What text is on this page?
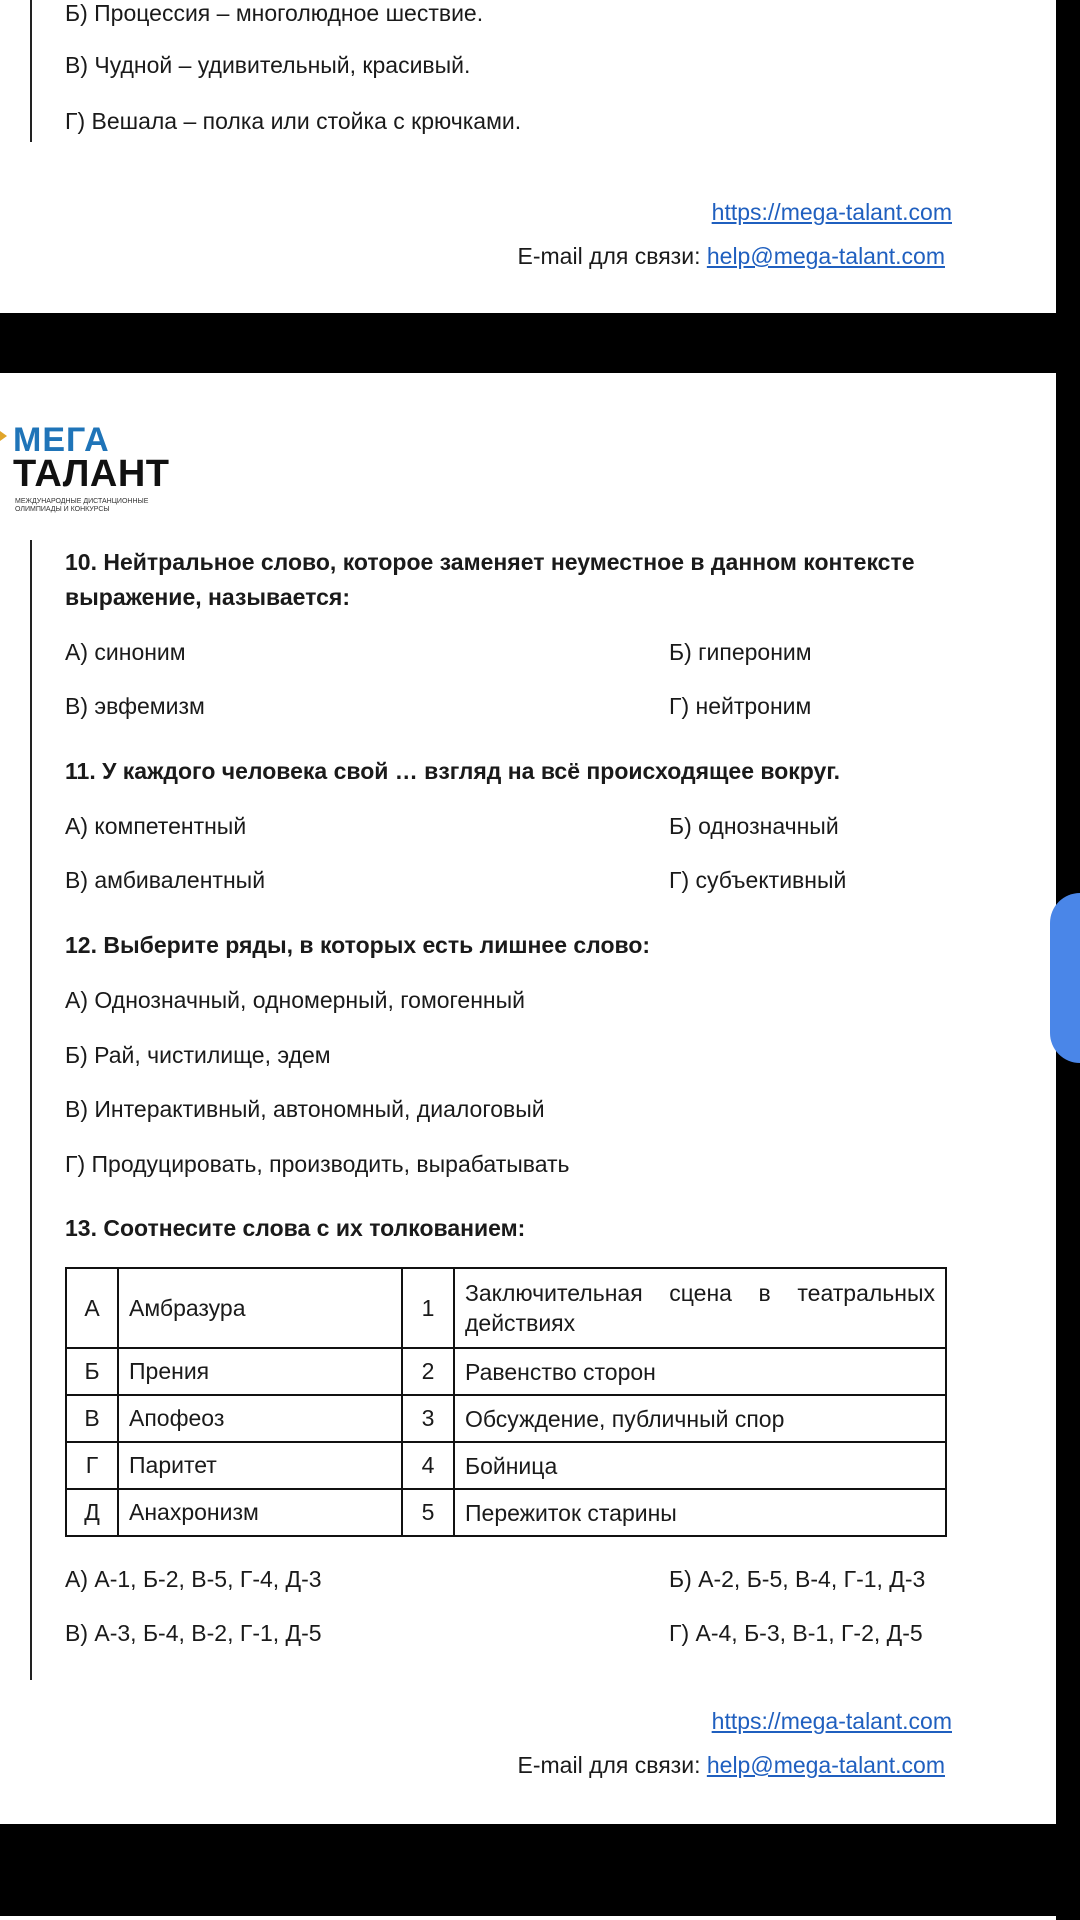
Б) Процессия – многолюдное шествие.
В) Чудной – удивительный, красивый.
Г) Вешала – полка или стойка с крючками.
https://mega-talant.com
E-mail для связи: help@mega-talant.com
МЕГА
ТАЛАНТ
МЕЖДУНАРОДНЫЕ ДИСТАНЦИОННЫЕ
ОЛИМПИАДЫ И КОНКУРСЫ
10. Нейтральное слово, которое заменяет неуместное в данном контексте
выражение, называется:
А) синоним	Б) гипероним
В) эвфемизм	Г) нейтроним
11. У каждого человека свой … взгляд на всё происходящее вокруг.
А) компетентный	Б) однозначный
В) амбивалентный	Г) субъективный
12. Выберите ряды, в которых есть лишнее слово:
А) Однозначный, одномерный, гомогенный
Б) Рай, чистилище, эдем
В) Интерактивный, автономный, диалоговый
Г) Продуцировать, производить, вырабатывать
13. Соотнесите слова с их толкованием:
А	Амбразура	1	Заключительная сцена в театральных действиях
Б	Прения	2	Равенство сторон
В	Апофеоз	3	Обсуждение, публичный спор
Г	Паритет	4	Бойница
Д	Анахронизм	5	Пережиток старины
А) А-1, Б-2, В-5, Г-4, Д-3	Б) А-2, Б-5, В-4, Г-1, Д-3
В) А-3, Б-4, В-2, Г-1, Д-5	Г) А-4, Б-3, В-1, Г-2, Д-5
https://mega-talant.com
E-mail для связи: help@mega-talant.com
